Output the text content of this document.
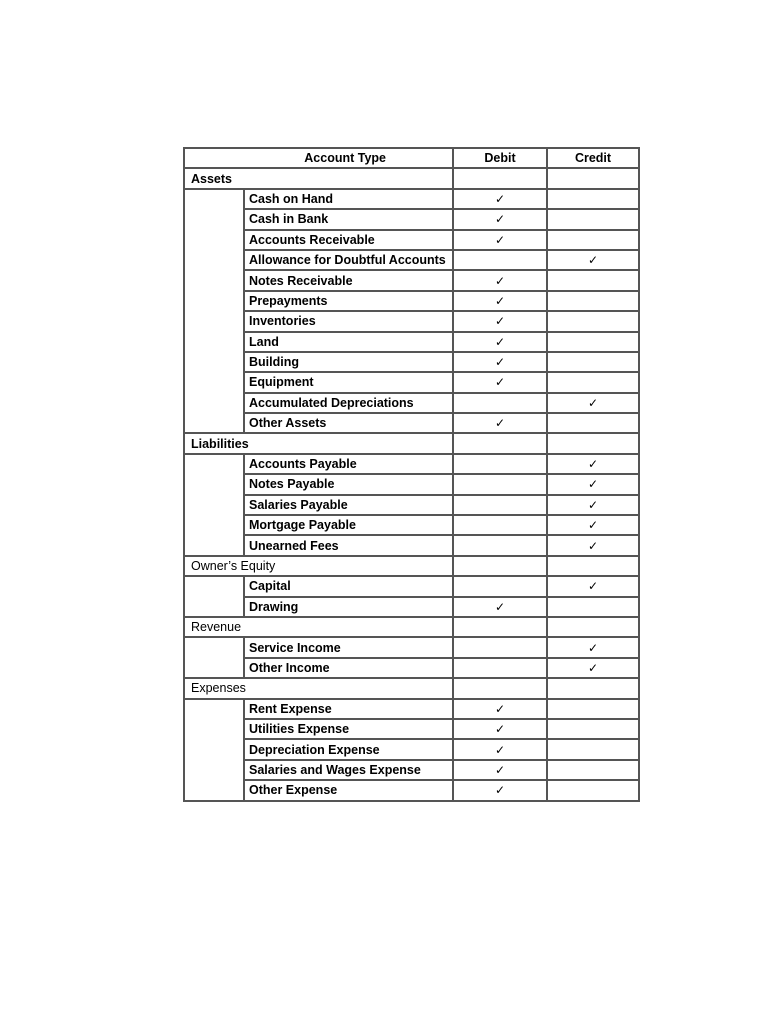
Account Type		Debit	Credit
Assets			
	Cash on Hand	✓	
	Cash in Bank	✓	
	Accounts Receivable	✓	
	Allowance for Doubtful Accounts		✓
	Notes Receivable	✓	
	Prepayments	✓	
	Inventories	✓	
	Land	✓	
	Building	✓	
	Equipment	✓	
	Accumulated Depreciations		✓
	Other Assets	✓	
Liabilities			
	Accounts Payable		✓
	Notes Payable		✓
	Salaries Payable		✓
	Mortgage Payable		✓
	Unearned Fees		✓
Owner’s Equity			
	Capital		✓
	Drawing	✓	
Revenue			
	Service Income		✓
	Other Income		✓
Expenses			
	Rent Expense	✓	
	Utilities Expense	✓	
	Depreciation Expense	✓	
	Salaries and Wages Expense	✓	
	Other Expense	✓	
